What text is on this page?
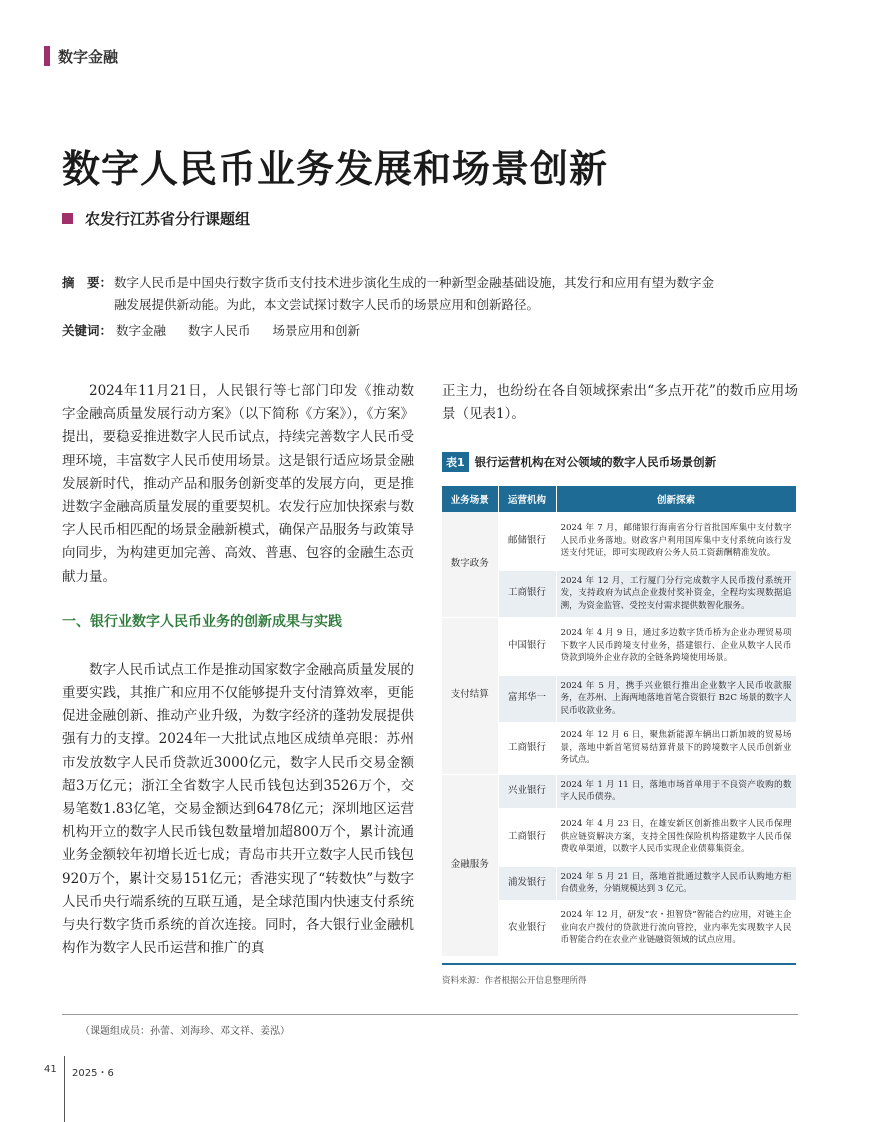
数字金融
数字人民币业务发展和场景创新
农发行江苏省分行课题组
摘　要： 数字人民币是中国央行数字货币支付技术进步演化生成的一种新型金融基础设施，其发行和应用有望为数字金
融发展提供新动能。为此，本文尝试探讨数字人民币的场景应用和创新路径。
关键词： 数字金融 数字人民币 场景应用和创新

2024年11月21日，人民银行等七部门印发《推动数字金融高质量发展行动方案》（以下简称《方案》），《方案》提出，要稳妥推进数字人民币试点，持续完善数字人民币受理环境，丰富数字人民币使用场景。这是银行适应场景金融发展新时代，推动产品和服务创新变革的发展方向，更是推进数字金融高质量发展的重要契机。农发行应加快探索与数字人民币相匹配的场景金融新模式，确保产品服务与政策导向同步，为构建更加完善、高效、普惠、包容的金融生态贡献力量。

一、银行业数字人民币业务的创新成果与实践

数字人民币试点工作是推动国家数字金融高质量发展的重要实践，其推广和应用不仅能够提升支付清算效率，更能促进金融创新、推动产业升级，为数字经济的蓬勃发展提供强有力的支撑。2024年一大批试点地区成绩单亮眼：苏州市发放数字人民币贷款近3000亿元，数字人民币交易金额超3万亿元；浙江全省数字人民币钱包达到3526万个，交易笔数1.83亿笔，交易金额达到6478亿元；深圳地区运营机构开立的数字人民币钱包数量增加超800万个，累计流通业务金额较年初增长近七成；青岛市共开立数字人民币钱包920万个，累计交易151亿元；香港实现了“转数快”与数字人民币央行端系统的互联互通，是全球范围内快速支付系统与央行数字货币系统的首次连接。同时，各大银行业金融机构作为数字人民币运营和推广的真

正主力，也纷纷在各自领域探索出“多点开花”的数币应用场景（见表1）。

表1 银行运营机构在对公领域的数字人民币场景创新
业务场景	运营机构	创新探索
数字政务	邮储银行	2024 年 7 月，邮储银行海南省分行首批国库集中支付数字人民币业务落地。财政客户利用国库集中支付系统向该行发送支付凭证，即可实现政府公务人员工资薪酬精准发放。
	工商银行	2024 年 12 月，工行厦门分行完成数字人民币拨付系统开发，支持政府为试点企业拨付奖补资金，全程均实现数据追溯，为资金监管、受控支付需求提供数智化服务。
支付结算	中国银行	2024 年 4 月 9 日，通过多边数字货币桥为企业办理贸易项下数字人民币跨境支付业务，搭建银行、企业从数字人民币贷款到境外企业存款的全链条跨境使用场景。
	富邦华一	2024 年 5 月，携手兴业银行推出企业数字人民币收款服务，在苏州、上海两地落地首笔合资银行 B2C 场景的数字人民币收款业务。
	工商银行	2024 年 12 月 6 日，聚焦新能源车辆出口新加坡的贸易场景，落地中新首笔贸易结算背景下的跨境数字人民币创新业务试点。
金融服务	兴业银行	2024 年 1 月 11 日，落地市场首单用于不良资产收购的数字人民币债券。
	工商银行	2024 年 4 月 23 日，在雄安新区创新推出数字人民币保理供应链资解决方案，支持全国性保险机构搭建数字人民币保费收单渠道，以数字人民币实现企业债募集资金。
	浦发银行	2024 年 5 月 21 日，落地首批通过数字人民币认购地方柜台债业务，分销规模达到 3 亿元。
	农业银行	2024 年 12 月，研发“农・担智贷”智能合约应用，对链主企业向农户拨付的贷款进行流向管控，业内率先实现数字人民币智能合约在农业产业链融资领域的试点应用。
资料来源：作者根据公开信息整理所得
（课题组成员：孙蕾、刘海珍、邓文祥、姜泓）
41 2025・6
